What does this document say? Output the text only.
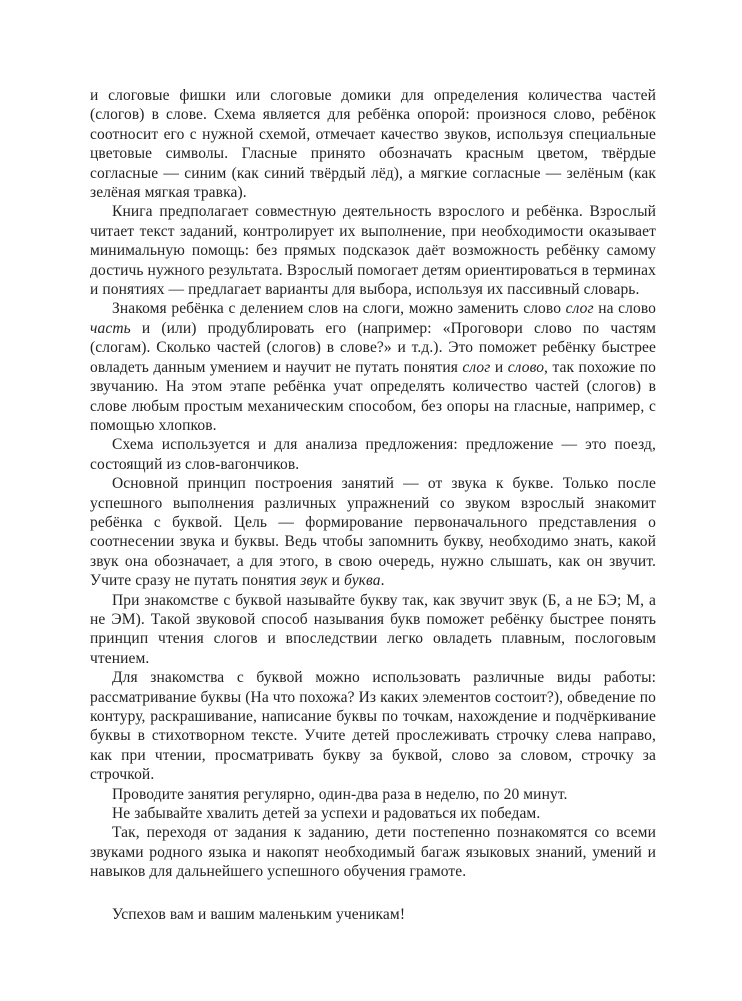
и слоговые фишки или слоговые домики для определения количества частей (слогов) в слове. Схема является для ребёнка опорой: произнося слово, ребёнок соотносит его с нужной схемой, отмечает качество звуков, используя специальные цветовые символы. Гласные принято обозначать красным цветом, твёрдые согласные — синим (как синий твёрдый лёд), а мягкие согласные — зелёным (как зелёная мягкая травка).

Книга предполагает совместную деятельность взрослого и ребёнка. Взрослый читает текст заданий, контролирует их выполнение, при необходимости оказывает минимальную помощь: без прямых подсказок даёт возможность ребёнку самому достичь нужного результата. Взрослый помогает детям ориентироваться в терминах и понятиях — предлагает варианты для выбора, используя их пассивный словарь.

Знакомя ребёнка с делением слов на слоги, можно заменить слово слог на слово часть и (или) продублировать его (например: «Проговори слово по частям (слогам). Сколько частей (слогов) в слове?» и т.д.). Это поможет ребёнку быстрее овладеть данным умением и научит не путать понятия слог и слово, так похожие по звучанию. На этом этапе ребёнка учат определять количество частей (слогов) в слове любым простым механическим способом, без опоры на гласные, например, с помощью хлопков.

Схема используется и для анализа предложения: предложение — это поезд, состоящий из слов-вагончиков.

Основной принцип построения занятий — от звука к букве. Только после успешного выполнения различных упражнений со звуком взрослый знакомит ребёнка с буквой. Цель — формирование первоначального представления о соотнесении звука и буквы. Ведь чтобы запомнить букву, необходимо знать, какой звук она обозначает, а для этого, в свою очередь, нужно слышать, как он звучит. Учите сразу не путать понятия звук и буква.

При знакомстве с буквой называйте букву так, как звучит звук (Б, а не БЭ; М, а не ЭМ). Такой звуковой способ называния букв поможет ребёнку быстрее понять принцип чтения слогов и впоследствии легко овладеть плавным, послоговым чтением.

Для знакомства с буквой можно использовать различные виды работы: рассматривание буквы (На что похожа? Из каких элементов состоит?), обведение по контуру, раскрашивание, написание буквы по точкам, нахождение и подчёркивание буквы в стихотворном тексте. Учите детей прослеживать строчку слева направо, как при чтении, просматривать букву за буквой, слово за словом, строчку за строчкой.

Проводите занятия регулярно, один-два раза в неделю, по 20 минут.

Не забывайте хвалить детей за успехи и радоваться их победам.

Так, переходя от задания к заданию, дети постепенно познакомятся со всеми звуками родного языка и накопят необходимый багаж языковых знаний, умений и навыков для дальнейшего успешного обучения грамоте.

Успехов вам и вашим маленьким ученикам!
